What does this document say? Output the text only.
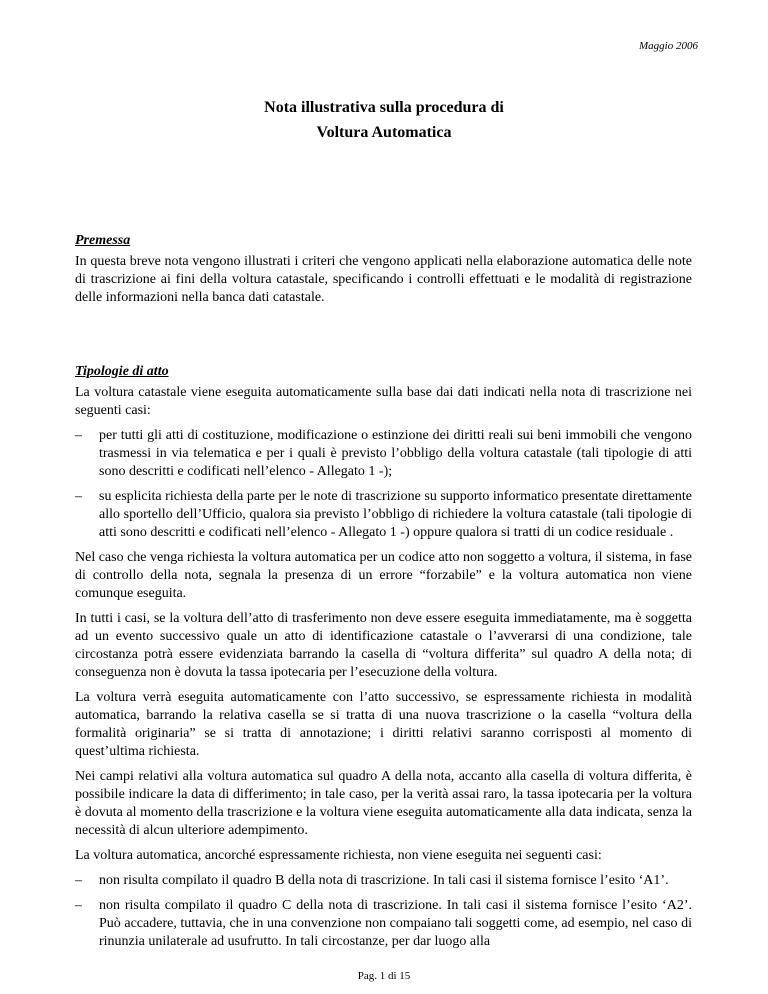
Maggio 2006
Nota illustrativa sulla procedura di
Voltura Automatica
Premessa

In questa breve nota vengono illustrati i criteri che vengono applicati nella elaborazione automatica delle note di trascrizione ai fini della voltura catastale, specificando i controlli effettuati e le modalità di registrazione delle informazioni nella banca dati catastale.

Tipologie di atto

La voltura catastale viene eseguita automaticamente sulla base dai dati indicati nella nota di trascrizione nei seguenti casi:

–	per tutti gli atti di costituzione, modificazione o estinzione dei diritti reali sui beni immobili che vengono trasmessi in via telematica e per i quali è previsto l’obbligo della voltura catastale (tali tipologie di atti sono descritti e codificati nell’elenco - Allegato 1 -);
–	su esplicita richiesta della parte per le note di trascrizione su supporto informatico presentate direttamente allo sportello dell’Ufficio, qualora sia previsto l’obbligo di richiedere la voltura catastale (tali tipologie di atti sono descritti e codificati nell’elenco - Allegato 1 -) oppure qualora si tratti di un codice residuale .

Nel caso che venga richiesta la voltura automatica per un codice atto non soggetto a voltura, il sistema, in fase di controllo della nota, segnala la presenza di un errore “forzabile” e la voltura automatica non viene comunque eseguita.

In tutti i casi, se la voltura dell’atto di trasferimento non deve essere eseguita immediatamente, ma è soggetta ad un evento successivo quale un atto di identificazione catastale o l’avverarsi di una condizione, tale circostanza potrà essere evidenziata barrando la casella di “voltura differita” sul quadro A della nota; di conseguenza non è dovuta la tassa ipotecaria per l’esecuzione della voltura.

La voltura verrà eseguita automaticamente con l’atto successivo, se espressamente richiesta in modalità automatica, barrando la relativa casella se si tratta di una nuova trascrizione o la casella “voltura della formalità originaria” se si tratta di annotazione; i diritti relativi saranno corrisposti al momento di quest’ultima richiesta.

Nei campi relativi alla voltura automatica sul quadro A della nota, accanto alla casella di voltura differita, è possibile indicare la data di differimento; in tale caso, per la verità assai raro, la tassa ipotecaria per la voltura è dovuta al momento della trascrizione e la voltura viene eseguita automaticamente alla data indicata, senza la necessità di alcun ulteriore adempimento.

La voltura automatica, ancorché espressamente richiesta, non viene eseguita nei seguenti casi:

–	non risulta compilato il quadro B della nota di trascrizione. In tali casi il sistema fornisce l’esito ‘A1’.
–	non risulta compilato il quadro C della nota di trascrizione. In tali casi il sistema fornisce l’esito ‘A2’. Può accadere, tuttavia, che in una convenzione non compaiano tali soggetti come, ad esempio, nel caso di rinunzia unilaterale ad usufrutto. In tali circostanze, per dar luogo alla
Pag. 1 di 15
